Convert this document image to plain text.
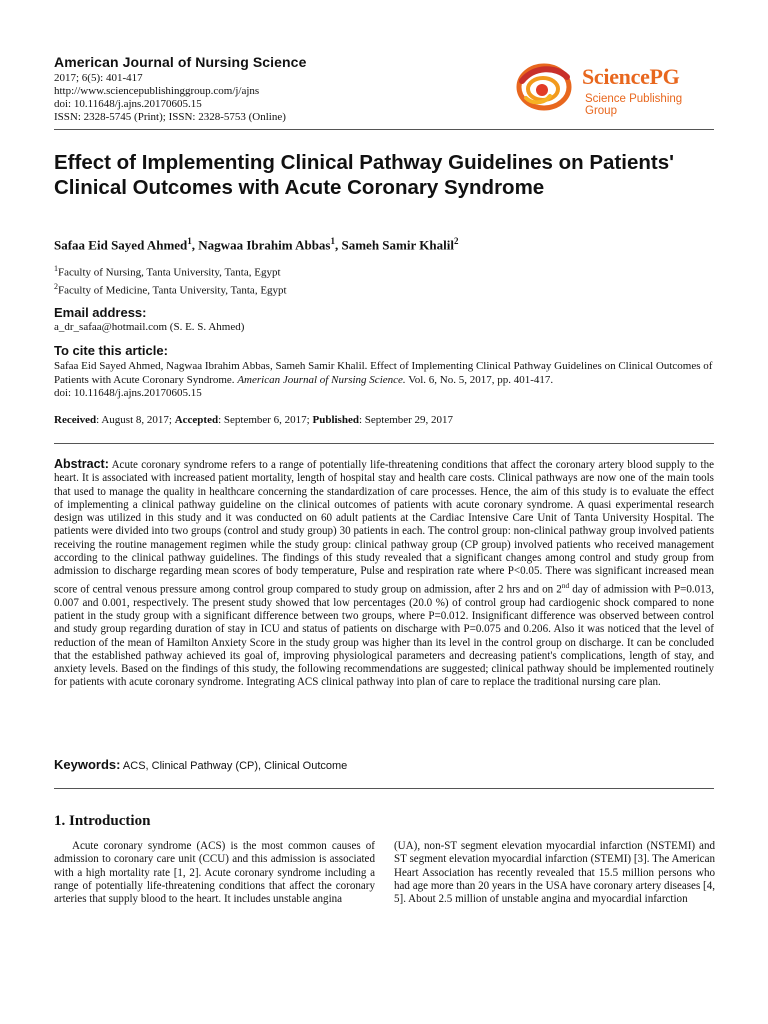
American Journal of Nursing Science
2017; 6(5): 401-417
http://www.sciencepublishinggroup.com/j/ajns
doi: 10.11648/j.ajns.20170605.15
ISSN: 2328-5745 (Print); ISSN: 2328-5753 (Online)
SciencePG
Science Publishing Group
Effect of Implementing Clinical Pathway Guidelines on Patients' Clinical Outcomes with Acute Coronary Syndrome
Safaa Eid Sayed Ahmed$^1$, Nagwaa Ibrahim Abbas$^1$, Sameh Samir Khalil$^2$
$^1$Faculty of Nursing, Tanta University, Tanta, Egypt
$^2$Faculty of Medicine, Tanta University, Tanta, Egypt
Email address:
a_dr_safaa@hotmail.com (S. E. S. Ahmed)
To cite this article:
Safaa Eid Sayed Ahmed, Nagwaa Ibrahim Abbas, Sameh Samir Khalil. Effect of Implementing Clinical Pathway Guidelines on Clinical Outcomes of Patients with Acute Coronary Syndrome. American Journal of Nursing Science. Vol. 6, No. 5, 2017, pp. 401-417.
doi: 10.11648/j.ajns.20170605.15
Received: August 8, 2017; Accepted: September 6, 2017; Published: September 29, 2017
Abstract: Acute coronary syndrome refers to a range of potentially life-threatening conditions that affect the coronary artery blood supply to the heart. It is associated with increased patient mortality, length of hospital stay and health care costs. Clinical pathways are now one of the main tools that used to manage the quality in healthcare concerning the standardization of care processes. Hence, the aim of this study is to evaluate the effect of implementing a clinical pathway guideline on the clinical outcomes of patients with acute coronary syndrome. A quasi experimental research design was utilized in this study and it was conducted on 60 adult patients at the Cardiac Intensive Care Unit of Tanta University Hospital. The patients were divided into two groups (control and study group) 30 patients in each. The control group: non-clinical pathway group involved patients receiving the routine management regimen while the study group: clinical pathway group (CP group) involved patients who received management according to the clinical pathway guidelines. The findings of this study revealed that a significant changes among control and study group from admission to discharge regarding mean scores of body temperature, Pulse and respiration rate where P<0.05. There was significant increased mean score of central venous pressure among control group compared to study group on admission, after 2 hrs and on 2nd day of admission with P=0.013, 0.007 and 0.001, respectively. The present study showed that low percentages (20.0 %) of control group had cardiogenic shock compared to none patient in the study group with a significant difference between two groups, where P=0.012. Insignificant difference was observed between control and study group regarding duration of stay in ICU and status of patients on discharge with P=0.075 and 0.206. Also it was noticed that the level of reduction of the mean of Hamilton Anxiety Score in the study group was higher than its level in the control group on discharge. It can be concluded that the established pathway achieved its goal of, improving physiological parameters and decreasing patient's complications, length of stay, and anxiety levels. Based on the findings of this study, the following recommendations are suggested; clinical pathway should be implemented routinely for patients with acute coronary syndrome. Integrating ACS clinical pathway into plan of care to replace the traditional nursing care plan.
Keywords: ACS, Clinical Pathway (CP), Clinical Outcome
1. Introduction
Acute coronary syndrome (ACS) is the most common causes of admission to coronary care unit (CCU) and this admission is associated with a high mortality rate [1, 2]. Acute coronary syndrome including a range of potentially life-threatening conditions that affect the coronary arteries that supply blood to the heart. It includes unstable angina
(UA), non-ST segment elevation myocardial infarction (NSTEMI) and ST segment elevation myocardial infarction (STEMI) [3]. The American Heart Association has recently revealed that 15.5 million persons who had age more than 20 years in the USA have coronary artery diseases [4, 5]. About 2.5 million of unstable angina and myocardial infarction
